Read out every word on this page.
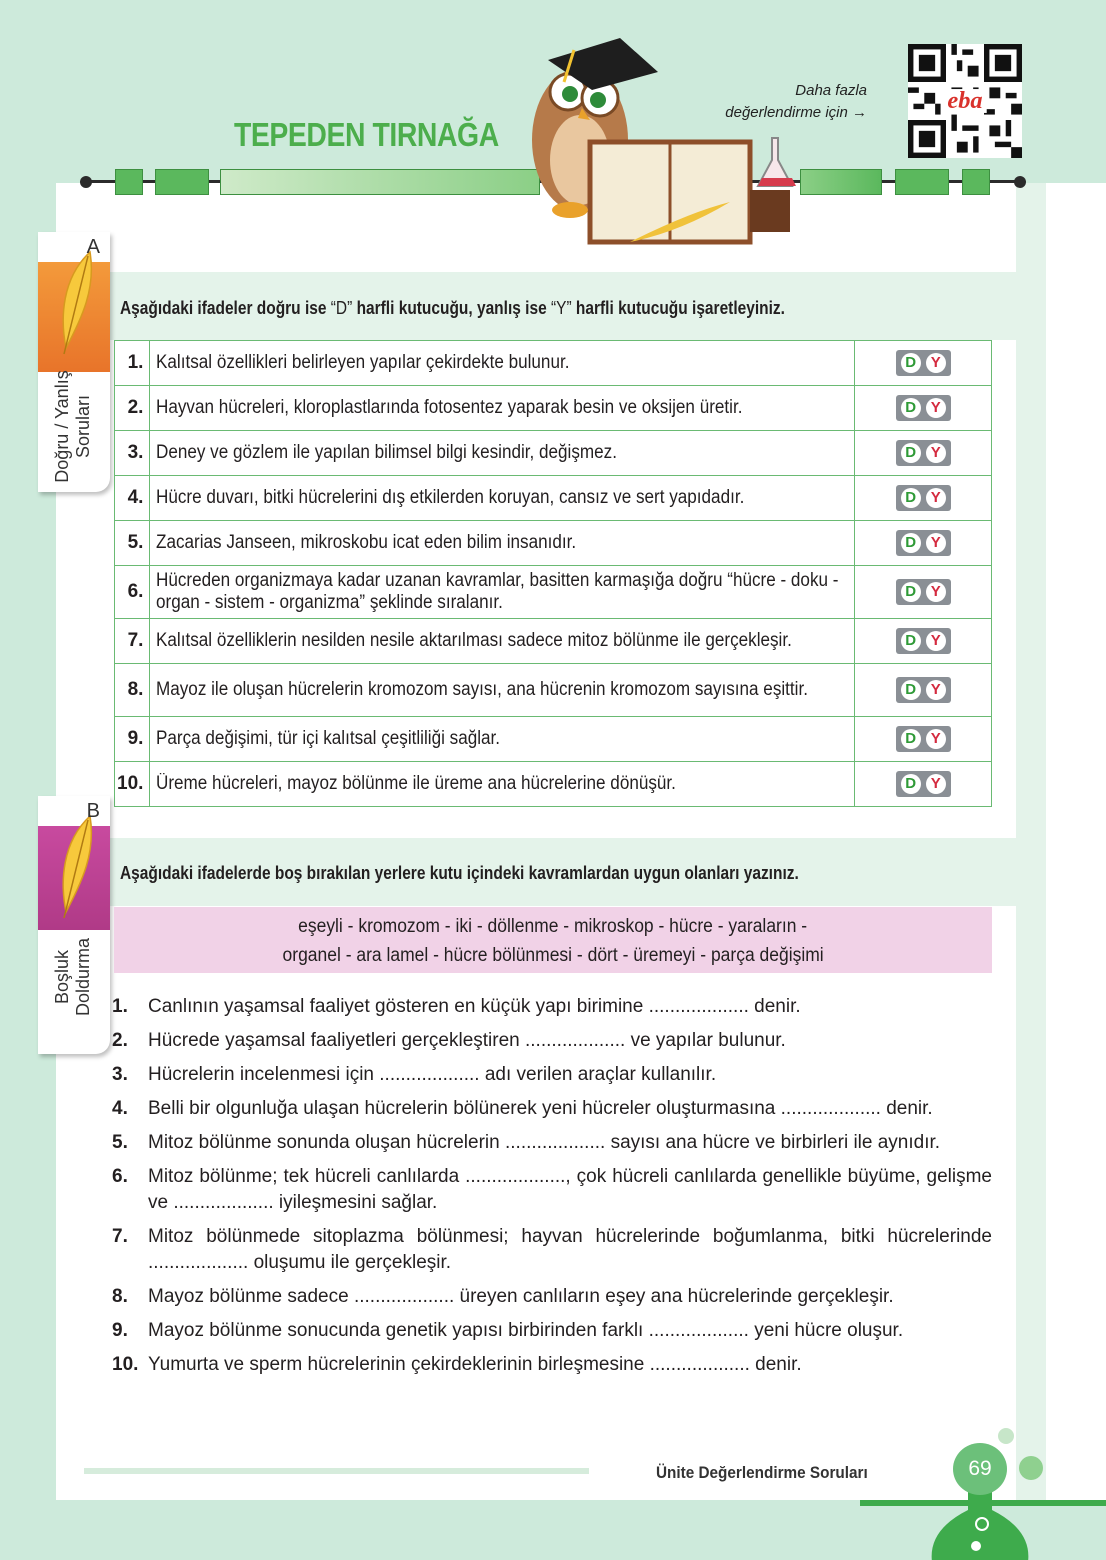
TEPEDEN TIRNAĞA
Daha fazla
değerlendirme için →	eba
A
Doğru / Yanlış Soruları
Aşağıdaki ifadeler doğru ise “D” harfli kutucuğu, yanlış ise “Y” harfli kutucuğu işaretleyiniz.
1.	Kalıtsal özellikleri belirleyen yapılar çekirdekte bulunur.	D Y

2.	Hayvan hücreleri, kloroplastlarında fotosentez yaparak besin ve oksijen üretir.	D Y

3.	Deney ve gözlem ile yapılan bilimsel bilgi kesindir, değişmez.	D Y

4.	Hücre duvarı, bitki hücrelerini dış etkilerden koruyan, cansız ve sert yapıdadır.	D Y

5.	Zacarias Janseen, mikroskobu icat eden bilim insanıdır.	D Y

6.	Hücreden organizmaya kadar uzanan kavramlar, basitten karmaşığa doğru “hücre - doku - organ - sistem - organizma” şeklinde sıralanır.	D Y

7.	Kalıtsal özelliklerin nesilden nesile aktarılması sadece mitoz bölünme ile gerçekleşir.	D Y

8.	Mayoz ile oluşan hücrelerin kromozom sayısı, ana hücrenin kromozom sayısına eşittir.	D Y

9.	Parça değişimi, tür içi kalıtsal çeşitliliği sağlar.	D Y

10.	Üreme hücreleri, mayoz bölünme ile üreme ana hücrelerine dönüşür.	D Y
B
Boşluk Doldurma
Aşağıdaki ifadelerde boş bırakılan yerlere kutu içindeki kavramlardan uygun olanları yazınız.
eşeyli - kromozom - iki - döllenme - mikroskop - hücre - yaraların -
organel - ara lamel - hücre bölünmesi - dört - üremeyi - parça değişimi
1. Canlının yaşamsal faaliyet gösteren en küçük yapı birimine ................... denir.
2. Hücrede yaşamsal faaliyetleri gerçekleştiren ................... ve yapılar bulunur.
3. Hücrelerin incelenmesi için ................... adı verilen araçlar kullanılır.
4. Belli bir olgunluğa ulaşan hücrelerin bölünerek yeni hücreler oluşturmasına ................... denir.
5. Mitoz bölünme sonunda oluşan hücrelerin ................... sayısı ana hücre ve birbirleri ile aynıdır.
6. Mitoz bölünme; tek hücreli canlılarda ..................., çok hücreli canlılarda genellikle büyüme, gelişme ve ................... iyileşmesini sağlar.
7. Mitoz bölünmede sitoplazma bölünmesi; hayvan hücrelerinde boğumlanma, bitki hücrelerinde ................... oluşumu ile gerçekleşir.
8. Mayoz bölünme sadece ................... üreyen canlıların eşey ana hücrelerinde gerçekleşir.
9. Mayoz bölünme sonucunda genetik yapısı birbirinden farklı ................... yeni hücre oluşur.
10. Yumurta ve sperm hücrelerinin çekirdeklerinin birleşmesine ................... denir.
Ünite Değerlendirme Soruları	69
